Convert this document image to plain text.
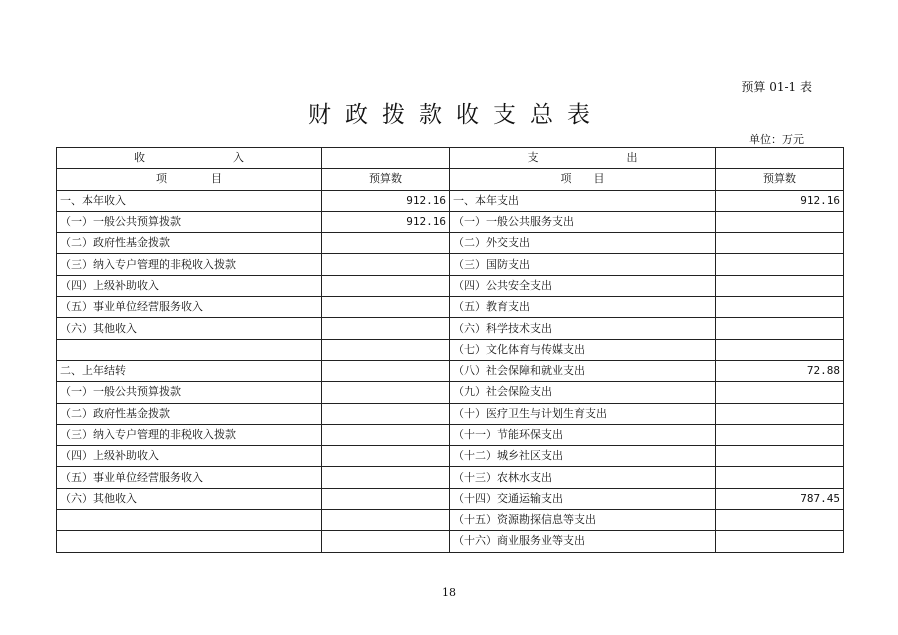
预算 01-1 表
财政拨款收支总表
单位：万元
收　　　　　　　　入		支　　　　　　　　出	
项　　　　目	预算数	项　　目	预算数
一、本年收入	912.16	一、本年支出	912.16
（一）一般公共预算拨款	912.16	（一）一般公共服务支出	
（二）政府性基金拨款		（二）外交支出	
（三）纳入专户管理的非税收入拨款		（三）国防支出	
（四）上级补助收入		（四）公共安全支出	
（五）事业单位经营服务收入		（五）教育支出	
（六）其他收入		（六）科学技术支出	
		（七）文化体育与传媒支出	
二、上年结转		（八）社会保障和就业支出	72.88
（一）一般公共预算拨款		（九）社会保险支出	
（二）政府性基金拨款		（十）医疗卫生与计划生育支出	
（三）纳入专户管理的非税收入拨款		（十一）节能环保支出	
（四）上级补助收入		（十二）城乡社区支出	
（五）事业单位经营服务收入		（十三）农林水支出	
（六）其他收入		（十四）交通运输支出	787.45
		（十五）资源勘探信息等支出	
		（十六）商业服务业等支出	
18
